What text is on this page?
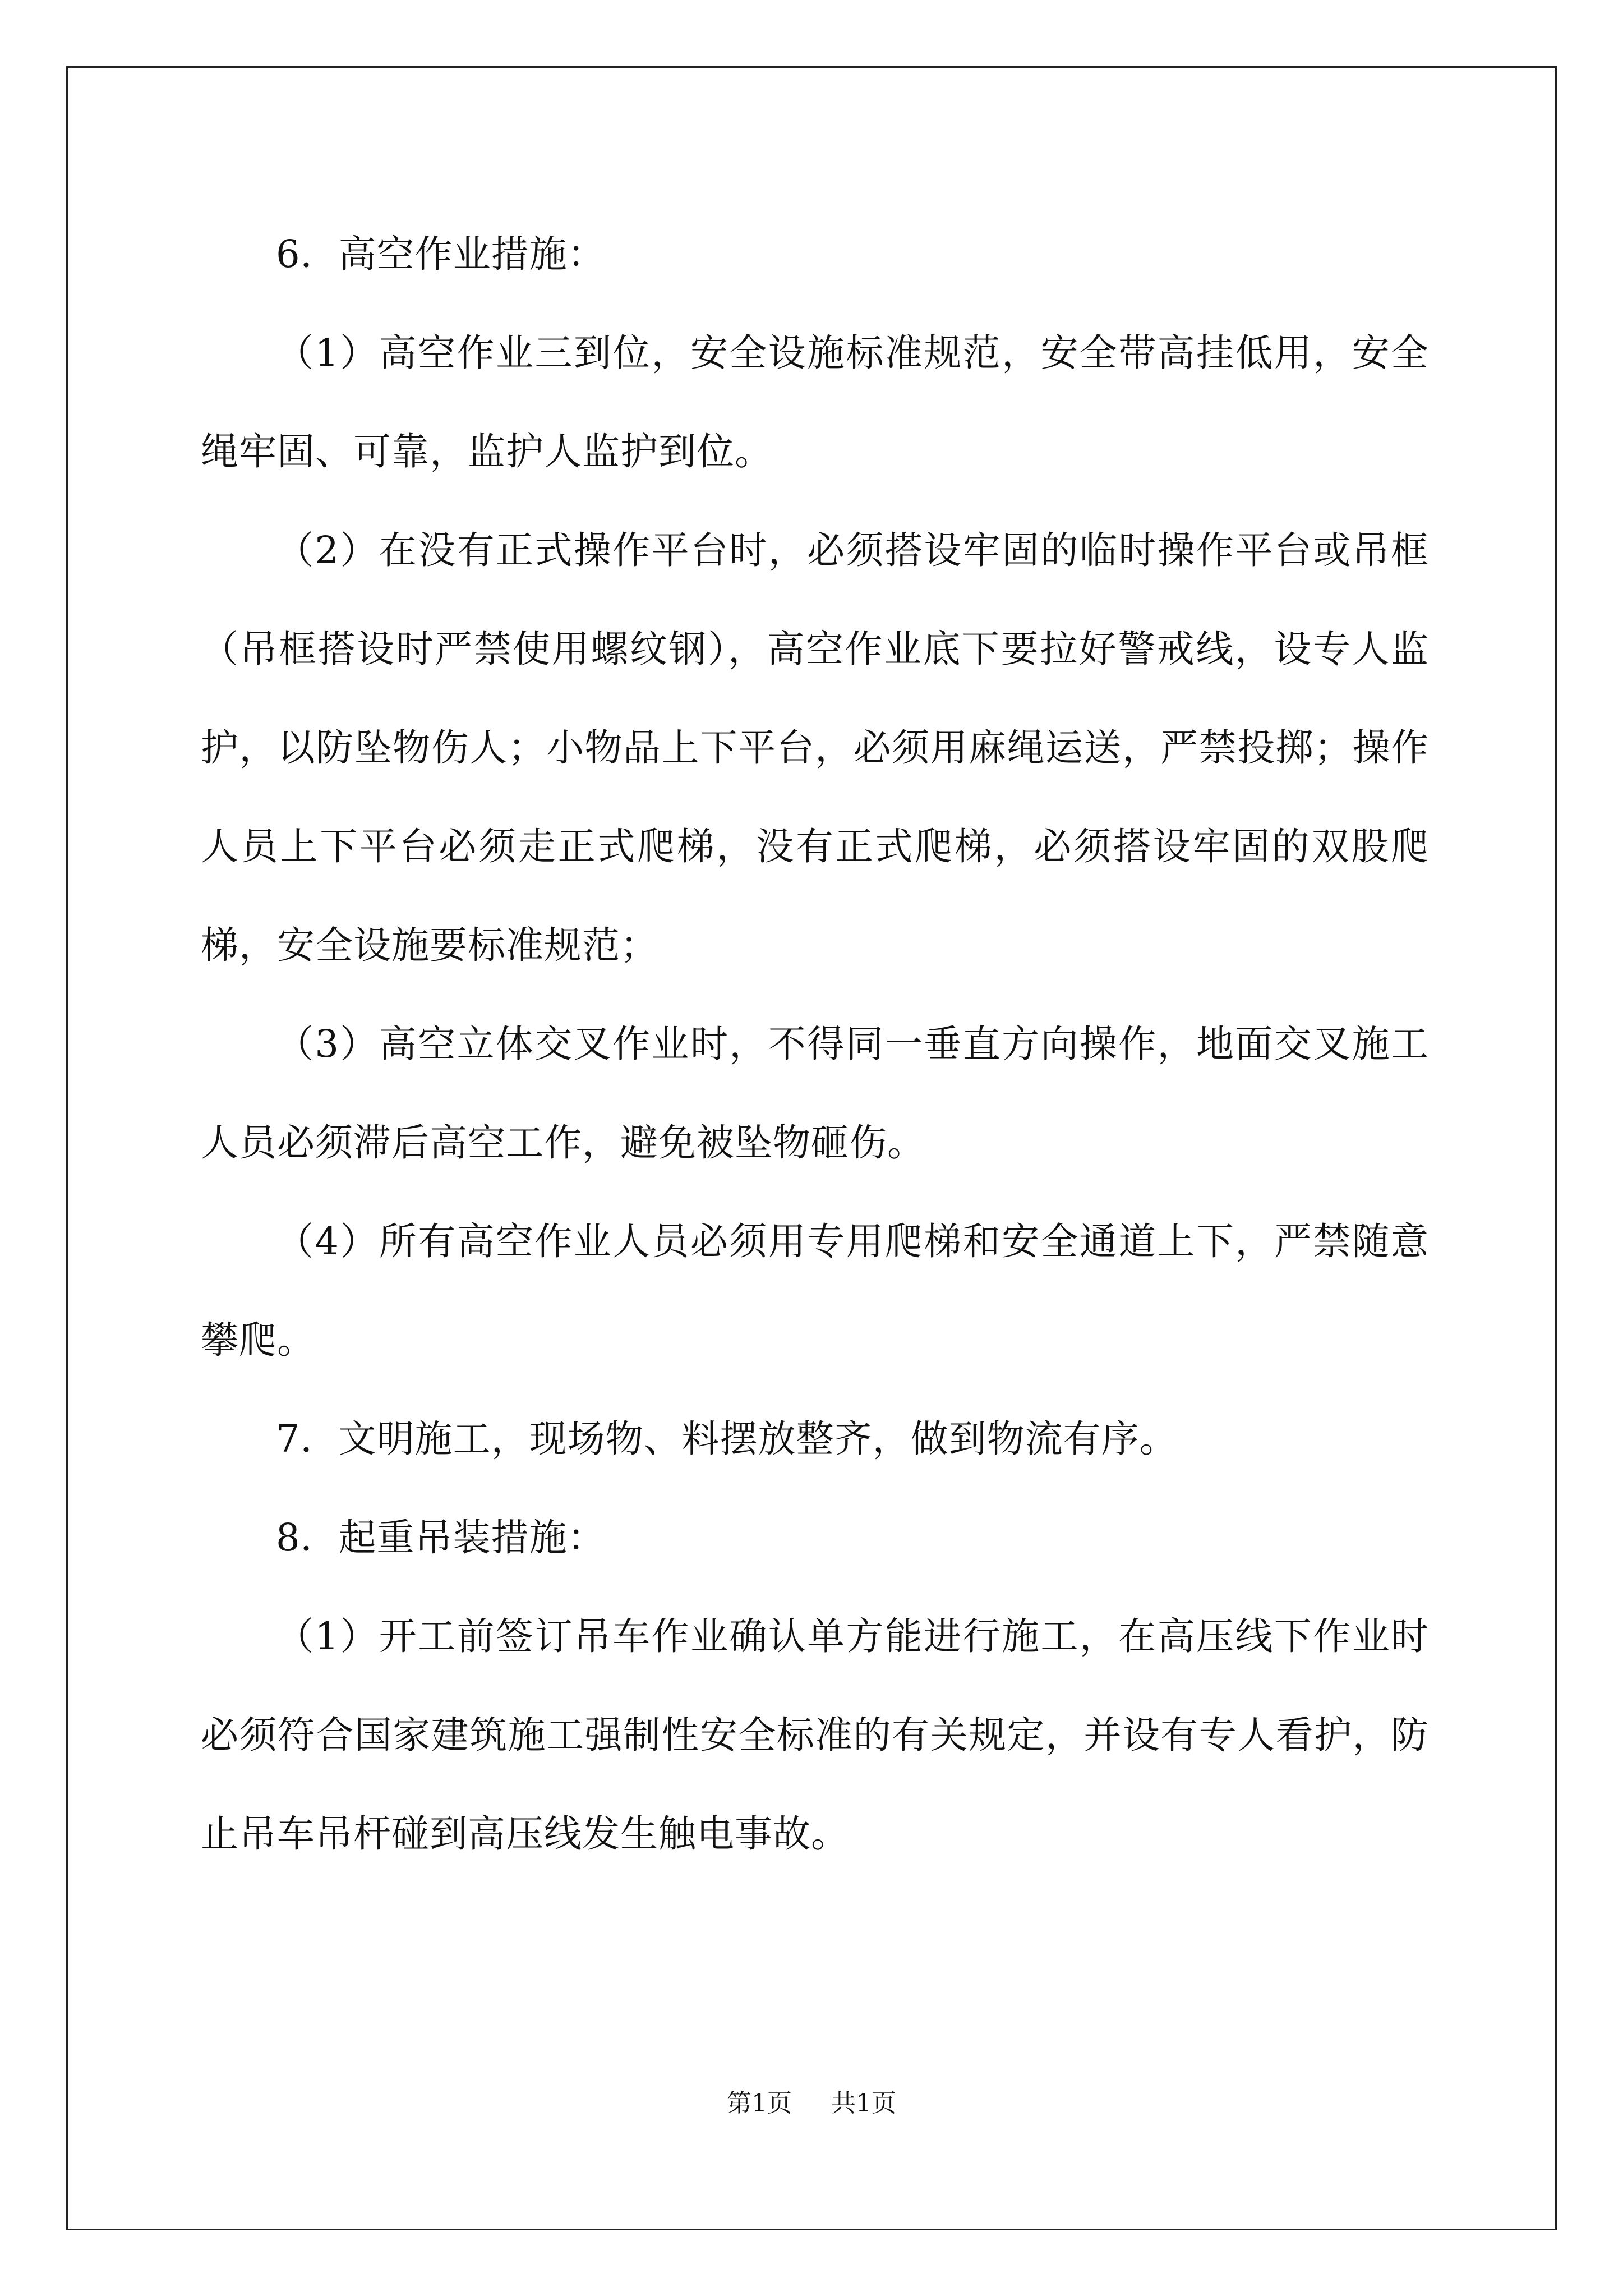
6．高空作业措施：

（1）高空作业三到位，安全设施标准规范，安全带高挂低用，安全绳牢固、可靠，监护人监护到位。

（2）在没有正式操作平台时，必须搭设牢固的临时操作平台或吊框（吊框搭设时严禁使用螺纹钢），高空作业底下要拉好警戒线，设专人监护，以防坠物伤人；小物品上下平台，必须用麻绳运送，严禁投掷；操作人员上下平台必须走正式爬梯，没有正式爬梯，必须搭设牢固的双股爬梯，安全设施要标准规范；

（3）高空立体交叉作业时，不得同一垂直方向操作，地面交叉施工人员必须滞后高空工作，避免被坠物砸伤。

（4）所有高空作业人员必须用专用爬梯和安全通道上下，严禁随意攀爬。

7．文明施工，现场物、料摆放整齐，做到物流有序。

8．起重吊装措施：

（1）开工前签订吊车作业确认单方能进行施工，在高压线下作业时必须符合国家建筑施工强制性安全标准的有关规定，并设有专人看护，防止吊车吊杆碰到高压线发生触电事故。

第1页 共1页
